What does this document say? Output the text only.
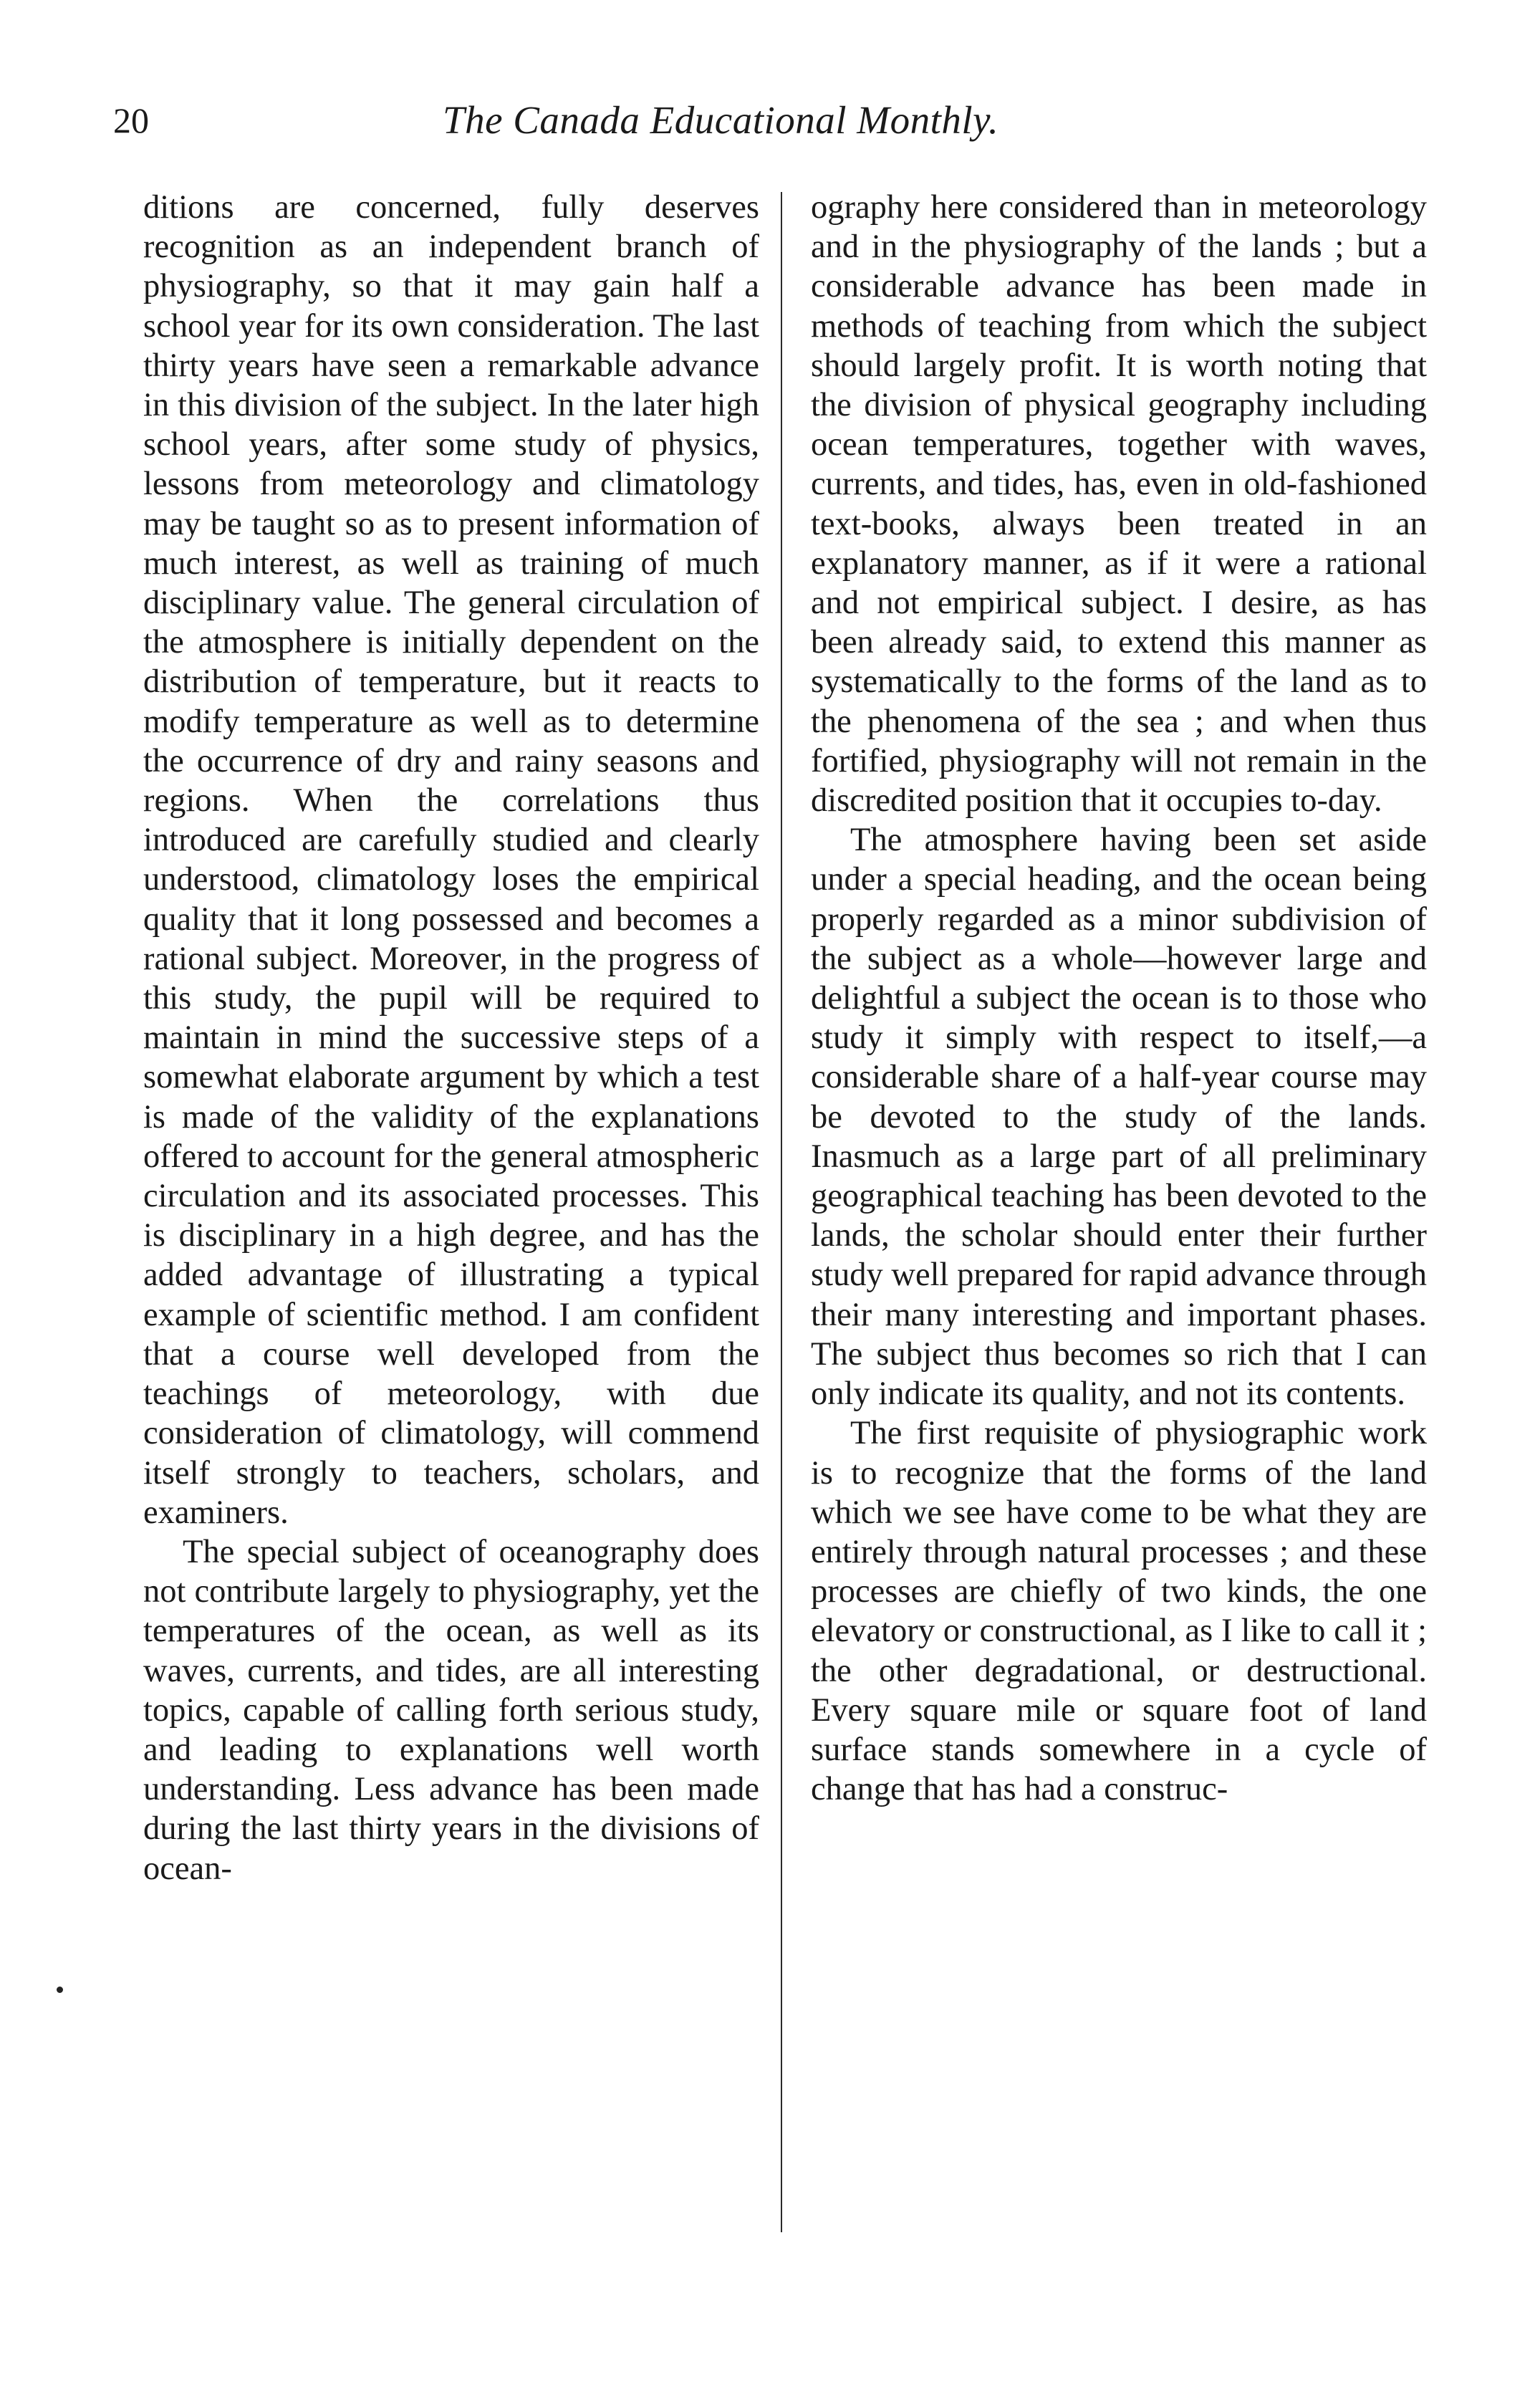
20	The Canada Educational Monthly.

ditions are concerned, fully deserves recognition as an independent branch of physiography, so that it may gain half a school year for its own consideration. The last thirty years have seen a remarkable advance in this division of the subject. In the later high school years, after some study of physics, lessons from meteorology and climatology may be taught so as to present information of much interest, as well as training of much disciplinary value. The general circulation of the atmosphere is initially dependent on the distribution of temperature, but it reacts to modify temperature as well as to determine the occurrence of dry and rainy seasons and regions. When the correlations thus introduced are carefully studied and clearly understood, climatology loses the empirical quality that it long possessed and becomes a rational subject. Moreover, in the progress of this study, the pupil will be required to maintain in mind the successive steps of a somewhat elaborate argument by which a test is made of the validity of the explanations offered to account for the general atmospheric circulation and its associated processes. This is disciplinary in a high degree, and has the added advantage of illustrating a typical example of scientific method. I am confident that a course well developed from the teachings of meteorology, with due consideration of climatology, will commend itself strongly to teachers, scholars, and examiners.

The special subject of oceanography does not contribute largely to physiography, yet the temperatures of the ocean, as well as its waves, currents, and tides, are all interesting topics, capable of calling forth serious study, and leading to explanations well worth understanding. Less advance has been made during the last thirty years in the divisions of ocean-

ography here considered than in meteorology and in the physiography of the lands ; but a considerable advance has been made in methods of teaching from which the subject should largely profit. It is worth noting that the division of physical geography including ocean temperatures, together with waves, currents, and tides, has, even in old-fashioned text-books, always been treated in an explanatory manner, as if it were a rational and not empirical subject. I desire, as has been already said, to extend this manner as systematically to the forms of the land as to the phenomena of the sea ; and when thus fortified, physiography will not remain in the discredited position that it occupies to-day.

The atmosphere having been set aside under a special heading, and the ocean being properly regarded as a minor subdivision of the subject as a whole—however large and delightful a subject the ocean is to those who study it simply with respect to itself,—a considerable share of a half-year course may be devoted to the study of the lands. Inasmuch as a large part of all preliminary geographical teaching has been devoted to the lands, the scholar should enter their further study well prepared for rapid advance through their many interesting and important phases. The subject thus becomes so rich that I can only indicate its quality, and not its contents.

The first requisite of physiographic work is to recognize that the forms of the land which we see have come to be what they are entirely through natural processes ; and these processes are chiefly of two kinds, the one elevatory or constructional, as I like to call it ; the other degradational, or destructional. Every square mile or square foot of land surface stands somewhere in a cycle of change that has had a construc-
